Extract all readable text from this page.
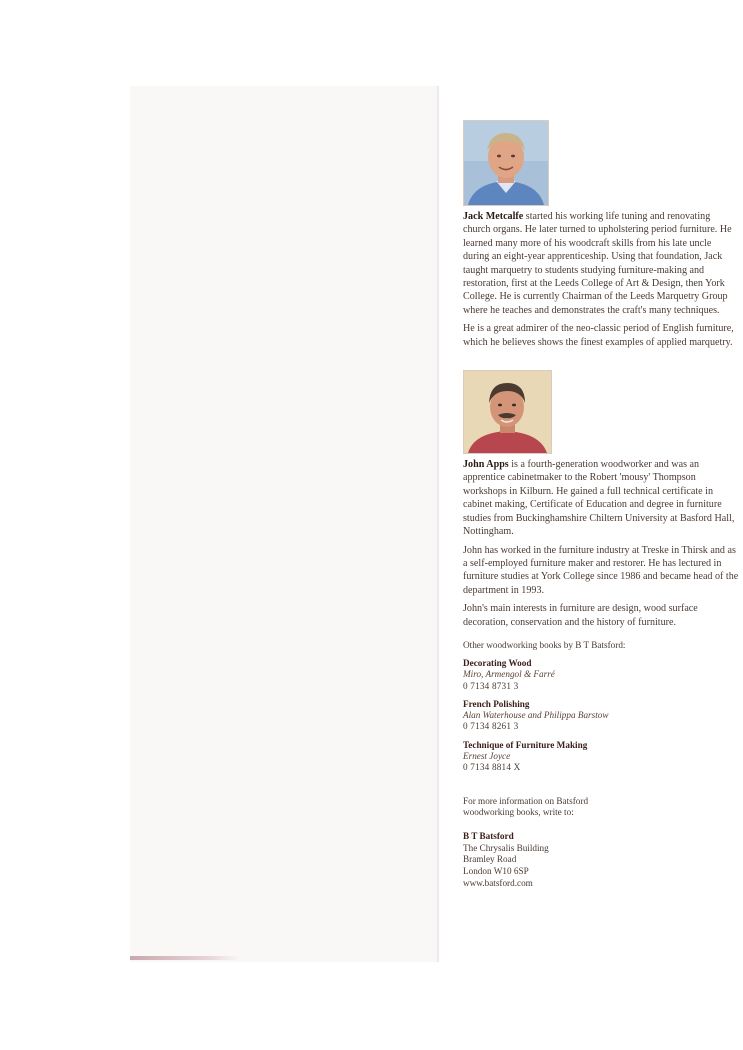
Jack Metcalfe started his working life tuning and renovating church organs. He later turned to upholstering period furniture. He learned many more of his woodcraft skills from his late uncle during an eight-year apprenticeship. Using that foundation, Jack taught marquetry to students studying furniture-making and restoration, first at the Leeds College of Art & Design, then York College. He is currently Chairman of the Leeds Marquetry Group where he teaches and demonstrates the craft's many techniques.

He is a great admirer of the neo-classic period of English furniture, which he believes shows the finest examples of applied marquetry.

John Apps is a fourth-generation woodworker and was an apprentice cabinetmaker to the Robert 'mousy' Thompson workshops in Kilburn. He gained a full technical certificate in cabinet making, Certificate of Education and degree in furniture studies from Buckinghamshire Chiltern University at Basford Hall, Nottingham.

John has worked in the furniture industry at Treske in Thirsk and as a self-employed furniture maker and restorer. He has lectured in furniture studies at York College since 1986 and became head of the department in 1993.

John's main interests in furniture are design, wood surface decoration, conservation and the history of furniture.

Other woodworking books by B T Batsford:
Decorating Wood
Miro, Armengol & Farré
0 7134 8731 3
French Polishing
Alan Waterhouse and Philippa Barstow
0 7134 8261 3
Technique of Furniture Making
Ernest Joyce
0 7134 8814 X
For more information on Batsford woodworking books, write to:
B T Batsford
The Chrysalis Building
Bramley Road
London W10 6SP
www.batsford.com
